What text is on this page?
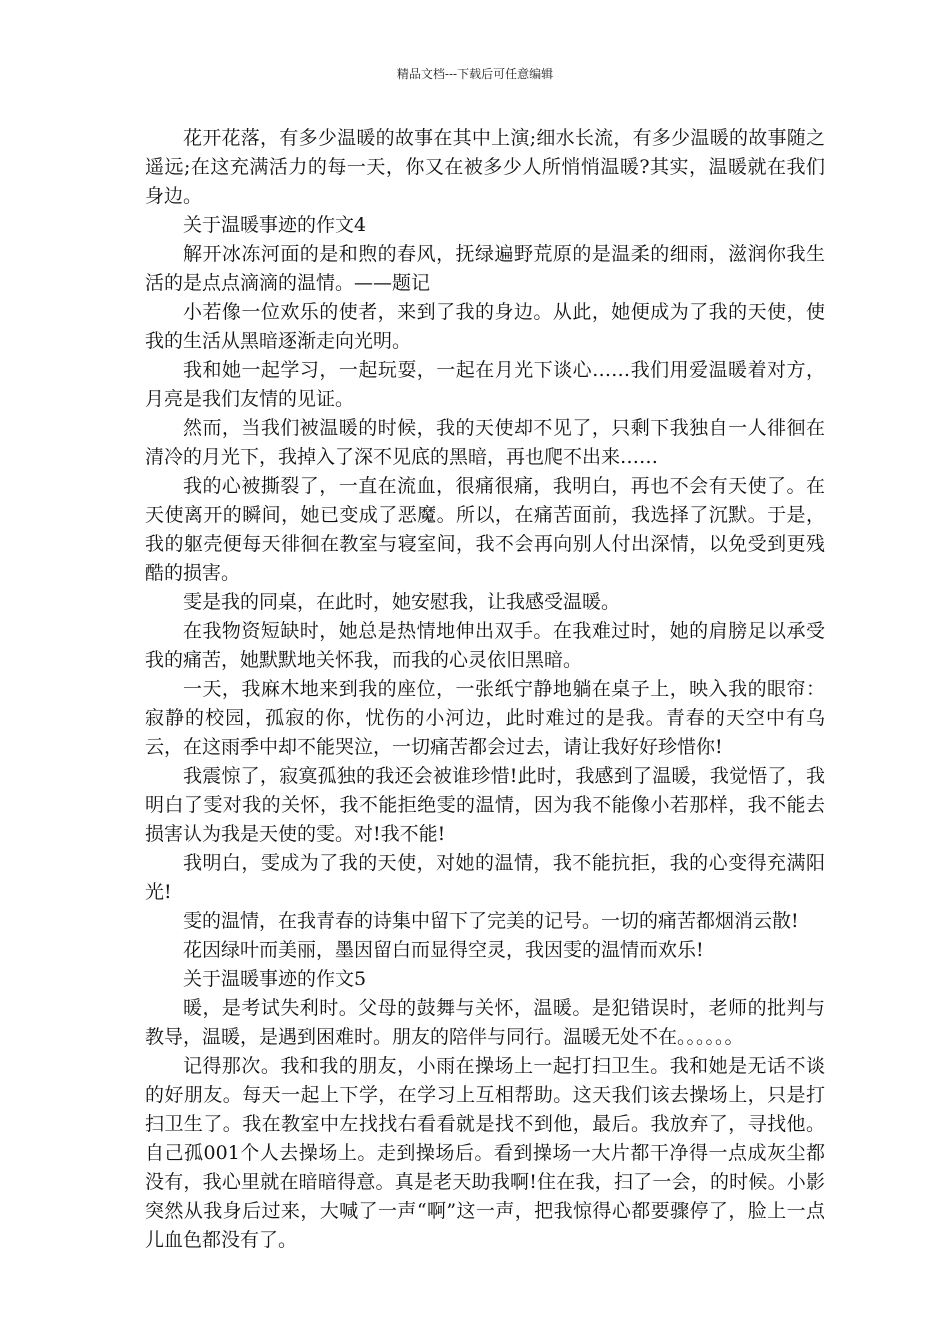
精品文档---下载后可任意编辑

花开花落，有多少温暖的故事在其中上演;细水长流，有多少温暖的故事随之遥远;在这充满活力的每一天，你又在被多少人所悄悄温暖?其实，温暖就在我们身边。

关于温暖事迹的作文4

解开冰冻河面的是和煦的春风，抚绿遍野荒原的是温柔的细雨，滋润你我生活的是点点滴滴的温情。——题记

小若像一位欢乐的使者，来到了我的身边。从此，她便成为了我的天使，使我的生活从黑暗逐渐走向光明。

我和她一起学习，一起玩耍，一起在月光下谈心……我们用爱温暖着对方，月亮是我们友情的见证。

然而，当我们被温暖的时候，我的天使却不见了，只剩下我独自一人徘徊在清冷的月光下，我掉入了深不见底的黑暗，再也爬不出来……

我的心被撕裂了，一直在流血，很痛很痛，我明白，再也不会有天使了。在天使离开的瞬间，她已变成了恶魔。所以，在痛苦面前，我选择了沉默。于是，我的躯壳便每天徘徊在教室与寝室间，我不会再向别人付出深情，以免受到更残酷的损害。

雯是我的同桌，在此时，她安慰我，让我感受温暖。

在我物资短缺时，她总是热情地伸出双手。在我难过时，她的肩膀足以承受我的痛苦，她默默地关怀我，而我的心灵依旧黑暗。

一天，我麻木地来到我的座位，一张纸宁静地躺在桌子上，映入我的眼帘：寂静的校园，孤寂的你，忧伤的小河边，此时难过的是我。青春的天空中有乌云，在这雨季中却不能哭泣，一切痛苦都会过去，请让我好好珍惜你!

我震惊了，寂寞孤独的我还会被谁珍惜!此时，我感到了温暖，我觉悟了，我明白了雯对我的关怀，我不能拒绝雯的温情，因为我不能像小若那样，我不能去损害认为我是天使的雯。对!我不能!

我明白，雯成为了我的天使，对她的温情，我不能抗拒，我的心变得充满阳光!

雯的温情，在我青春的诗集中留下了完美的记号。一切的痛苦都烟消云散!

花因绿叶而美丽，墨因留白而显得空灵，我因雯的温情而欢乐!

关于温暖事迹的作文5

暖，是考试失利时。父母的鼓舞与关怀，温暖。是犯错误时，老师的批判与教导，温暖，是遇到困难时。朋友的陪伴与同行。温暖无处不在。。。。。。

记得那次。我和我的朋友，小雨在操场上一起打扫卫生。我和她是无话不谈的好朋友。每天一起上下学，在学习上互相帮助。这天我们该去操场上，只是打扫卫生了。我在教室中左找找右看看就是找不到他，最后。我放弃了，寻找他。自己孤001个人去操场上。走到操场后。看到操场一大片都干净得一点成灰尘都没有，我心里就在暗暗得意。真是老天助我啊!住在我，扫了一会，的时候。小影突然从我身后过来，大喊了一声“啊”这一声，把我惊得心都要骤停了，脸上一点儿血色都没有了。
